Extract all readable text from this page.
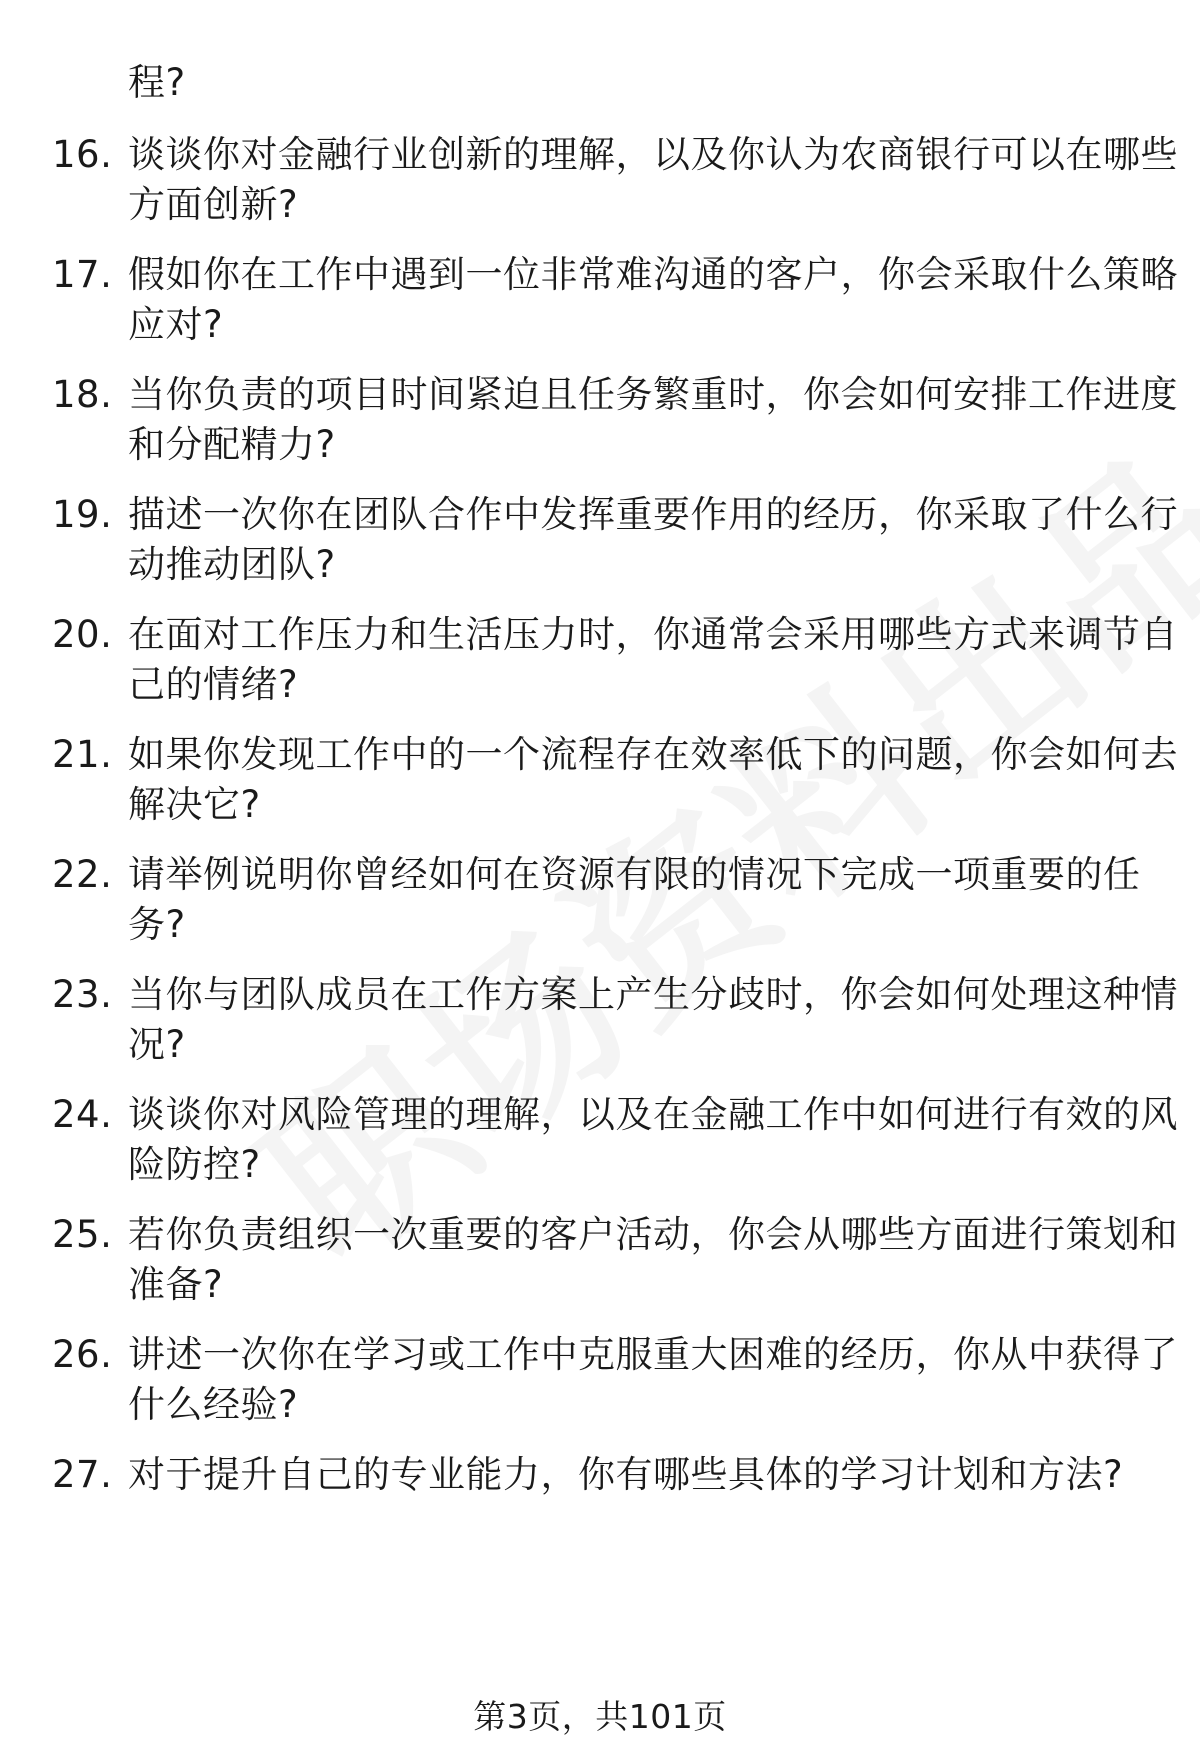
程?
16. 谈谈你对金融行业创新的理解，以及你认为农商银行可以在哪些
方面创新?
17. 假如你在工作中遇到一位非常难沟通的客户，你会采取什么策略
应对?
18. 当你负责的项目时间紧迫且任务繁重时，你会如何安排工作进度
和分配精力?
19. 描述一次你在团队合作中发挥重要作用的经历，你采取了什么行
动推动团队?
20. 在面对工作压力和生活压力时，你通常会采用哪些方式来调节自
己的情绪?
21. 如果你发现工作中的一个流程存在效率低下的问题，你会如何去
解决它?
22. 请举例说明你曾经如何在资源有限的情况下完成一项重要的任
务?
23. 当你与团队成员在工作方案上产生分歧时，你会如何处理这种情
况?
24. 谈谈你对风险管理的理解，以及在金融工作中如何进行有效的风
险防控?
25. 若你负责组织一次重要的客户活动，你会从哪些方面进行策划和
准备?
26. 讲述一次你在学习或工作中克服重大困难的经历，你从中获得了
什么经验?
27. 对于提升自己的专业能力，你有哪些具体的学习计划和方法?
第3页，共101页
